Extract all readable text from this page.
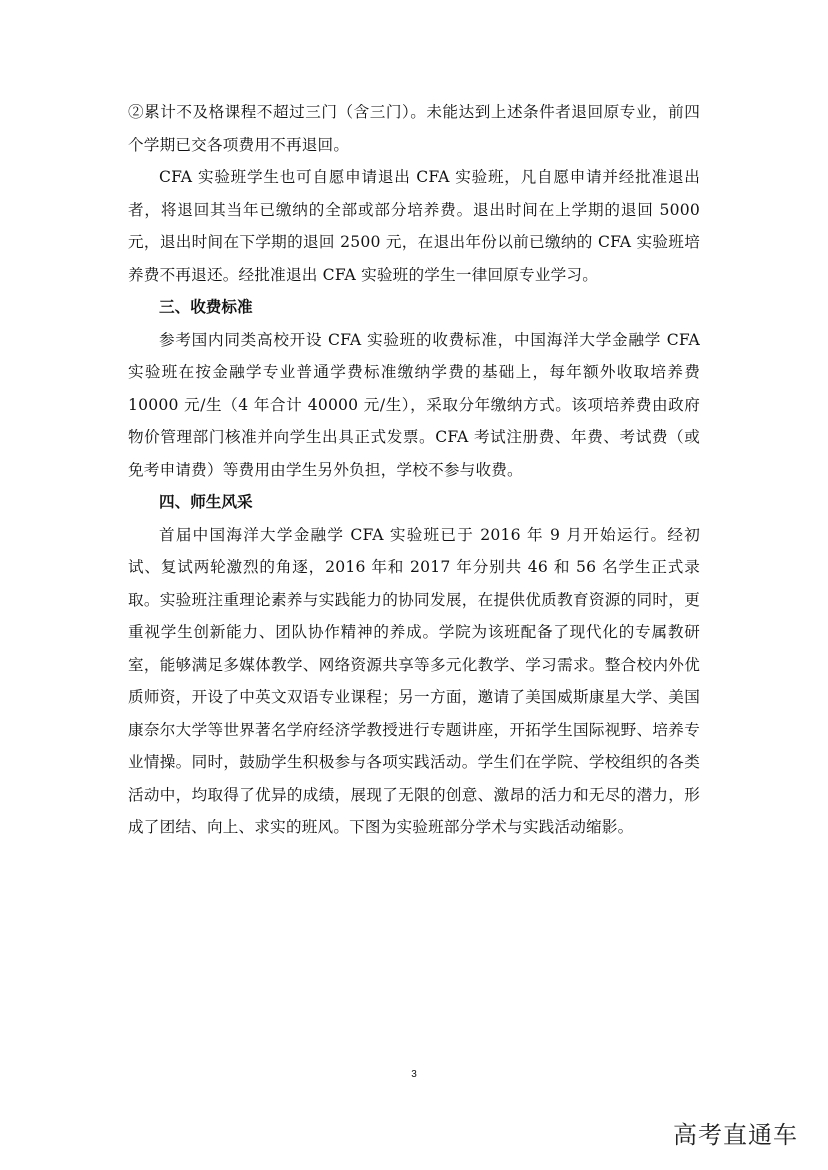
②累计不及格课程不超过三门（含三门）。未能达到上述条件者退回原专业，前四个学期已交各项费用不再退回。

CFA 实验班学生也可自愿申请退出 CFA 实验班，凡自愿申请并经批准退出者，将退回其当年已缴纳的全部或部分培养费。退出时间在上学期的退回 5000 元，退出时间在下学期的退回 2500 元，在退出年份以前已缴纳的 CFA 实验班培养费不再退还。经批准退出 CFA 实验班的学生一律回原专业学习。

三、收费标准

参考国内同类高校开设 CFA 实验班的收费标准，中国海洋大学金融学 CFA 实验班在按金融学专业普通学费标准缴纳学费的基础上，每年额外收取培养费 10000 元/生（4 年合计 40000 元/生），采取分年缴纳方式。该项培养费由政府物价管理部门核准并向学生出具正式发票。CFA 考试注册费、年费、考试费（或免考申请费）等费用由学生另外负担，学校不参与收费。

四、师生风采

首届中国海洋大学金融学 CFA 实验班已于 2016 年 9 月开始运行。经初试、复试两轮激烈的角逐，2016 年和 2017 年分别共 46 和 56 名学生正式录取。实验班注重理论素养与实践能力的协同发展，在提供优质教育资源的同时，更重视学生创新能力、团队协作精神的养成。学院为该班配备了现代化的专属教研室，能够满足多媒体教学、网络资源共享等多元化教学、学习需求。整合校内外优质师资，开设了中英文双语专业课程；另一方面，邀请了美国威斯康星大学、美国康奈尔大学等世界著名学府经济学教授进行专题讲座，开拓学生国际视野、培养专业情操。同时，鼓励学生积极参与各项实践活动。学生们在学院、学校组织的各类活动中，均取得了优异的成绩，展现了无限的创意、激昂的活力和无尽的潜力，形成了团结、向上、求实的班风。下图为实验班部分学术与实践活动缩影。

3
高考直通车
